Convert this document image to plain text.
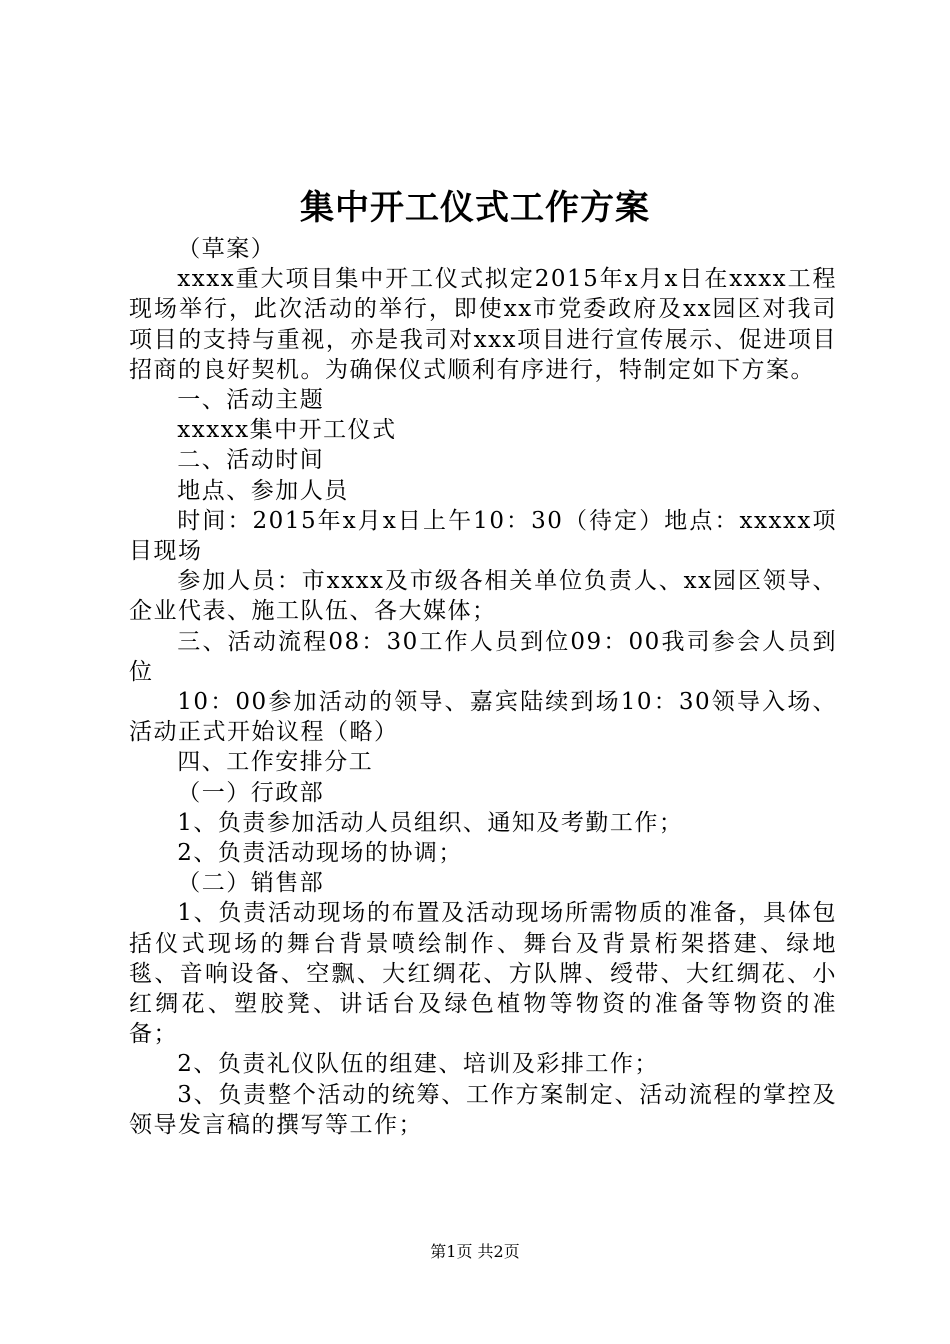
集中开工仪式工作方案

（草案）

xxxx重大项目集中开工仪式拟定2015年x月x日在xxxx工程现场举行，此次活动的举行，即使xx市党委政府及xx园区对我司项目的支持与重视，亦是我司对xxx项目进行宣传展示、促进项目招商的良好契机。为确保仪式顺利有序进行，特制定如下方案。

一、活动主题

xxxxx集中开工仪式

二、活动时间

地点、参加人员

时间：2015年x月x日上午10：30（待定）地点：xxxxx项目现场

参加人员：市xxxx及市级各相关单位负责人、xx园区领导、企业代表、施工队伍、各大媒体；

三、活动流程08：30工作人员到位09：00我司参会人员到位

10：00参加活动的领导、嘉宾陆续到场10：30领导入场、活动正式开始议程（略）

四、工作安排分工

（一）行政部

1、负责参加活动人员组织、通知及考勤工作；

2、负责活动现场的协调；

（二）销售部

1、负责活动现场的布置及活动现场所需物质的准备，具体包括仪式现场的舞台背景喷绘制作、舞台及背景桁架搭建、绿地毯、音响设备、空飘、大红绸花、方队牌、绶带、大红绸花、小红绸花、塑胶凳、讲话台及绿色植物等物资的准备等物资的准备；

2、负责礼仪队伍的组建、培训及彩排工作；

3、负责整个活动的统筹、工作方案制定、活动流程的掌控及领导发言稿的撰写等工作；

第1页 共2页
